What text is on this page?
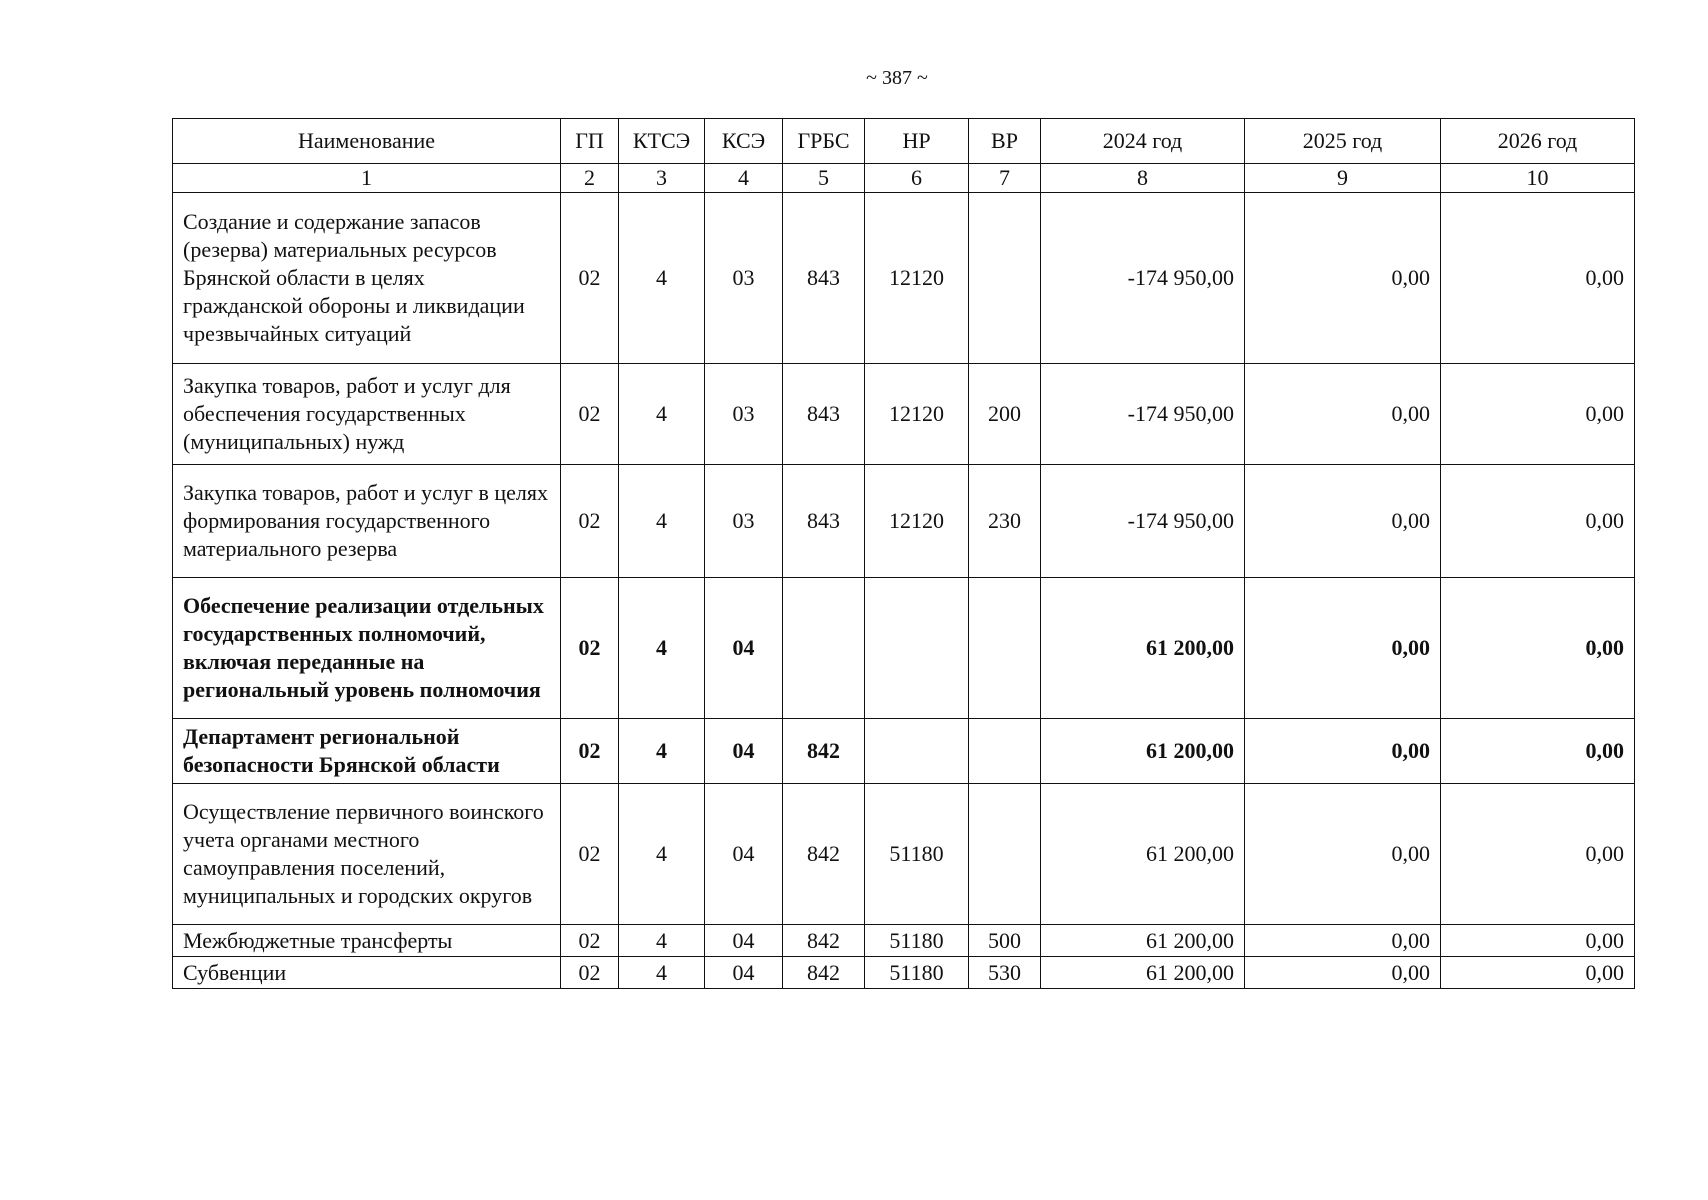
~ 387 ~
Наименование	ГП	КТСЭ	КСЭ	ГРБС	НР	ВР	2024 год	2025 год	2026 год
1	2	3	4	5	6	7	8	9	10
Создание и содержание запасов (резерва) материальных ресурсов Брянской области в целях гражданской обороны и ликвидации чрезвычайных ситуаций	02	4	03	843	12120		-174 950,00	0,00	0,00
Закупка товаров, работ и услуг для обеспечения государственных (муниципальных) нужд	02	4	03	843	12120	200	-174 950,00	0,00	0,00
Закупка товаров, работ и услуг в целях формирования государственного материального резерва	02	4	03	843	12120	230	-174 950,00	0,00	0,00
Обеспечение реализации отдельных государственных полномочий, включая переданные на региональный уровень полномочия	02	4	04				61 200,00	0,00	0,00
Департамент региональной безопасности Брянской области	02	4	04	842			61 200,00	0,00	0,00
Осуществление первичного воинского учета органами местного самоуправления поселений, муниципальных и городских округов	02	4	04	842	51180		61 200,00	0,00	0,00
Межбюджетные трансферты	02	4	04	842	51180	500	61 200,00	0,00	0,00
Субвенции	02	4	04	842	51180	530	61 200,00	0,00	0,00
